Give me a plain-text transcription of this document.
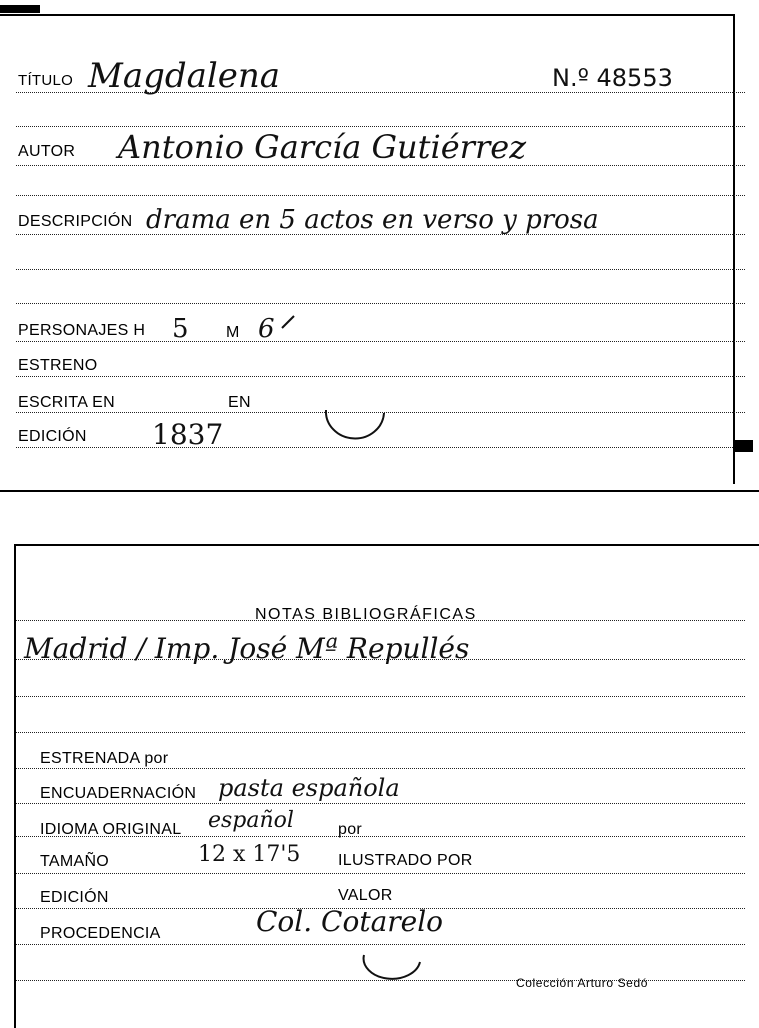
TÍTULO Magdalena	N.º 48553
AUTOR Antonio García Gutiérrez
DESCRIPCIÓN drama en 5 actos en verso y prosa
PERSONAJES H 5 M 6
ESTRENO
ESCRITA EN	EN
EDICIÓN 1837
NOTAS BIBLIOGRÁFICAS
Madrid / Imp. José Mª Repullés
ESTRENADA por
ENCUADERNACIÓN pasta española
IDIOMA ORIGINAL español	por
TAMAÑO	12 x 17'5 ILUSTRADO POR
EDICIÓN	VALOR
PROCEDENCIA	Col. Cotarelo
Colección Arturo Sedó
